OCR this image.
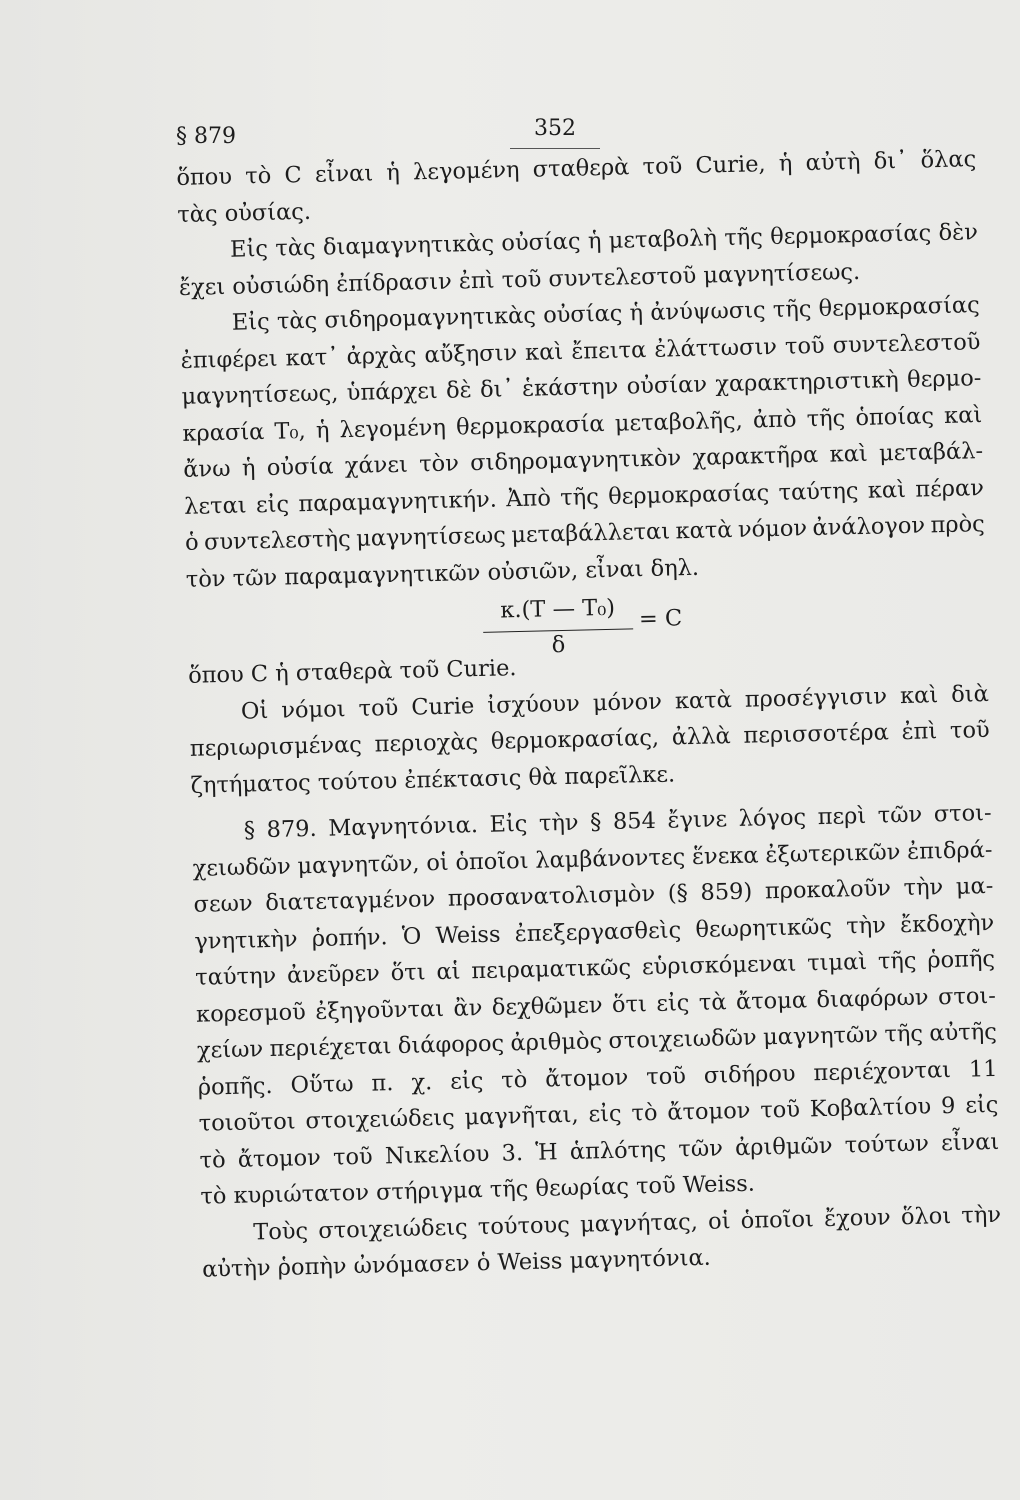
§ 879	352
ὅπου τὸ C εἶναι ἡ λεγομένη σταθερὰ τοῦ Curie, ἡ αὐτὴ δι᾽ ὅλας
τὰς οὐσίας.
Εἰς τὰς διαμαγνητικὰς οὐσίας ἡ μεταβολὴ τῆς θερμοκρασίας δὲν
ἔχει οὐσιώδη ἐπίδρασιν ἐπὶ τοῦ συντελεστοῦ μαγνητίσεως.
Εἰς τὰς σιδηρομαγνητικὰς οὐσίας ἡ ἀνύψωσις τῆς θερμοκρασίας
ἐπιφέρει κατ᾽ ἀρχὰς αὔξησιν καὶ ἔπειτα ἐλάττωσιν τοῦ συντελεστοῦ
μαγνητίσεως, ὑπάρχει δὲ δι᾽ ἑκάστην οὐσίαν χαρακτηριστικὴ θερμο-
κρασία T₀, ἡ λεγομένη θερμοκρασία μεταβολῆς, ἀπὸ τῆς ὁποίας καὶ
ἄνω ἡ οὐσία χάνει τὸν σιδηρομαγνητικὸν χαρακτῆρα καὶ μεταβάλ-
λεται εἰς παραμαγνητικήν. Ἀπὸ τῆς θερμοκρασίας ταύτης καὶ πέραν
ὁ συντελεστὴς μαγνητίσεως μεταβάλλεται κατὰ νόμον ἀνάλογον πρὸς
τὸν τῶν παραμαγνητικῶν οὐσιῶν, εἶναι δηλ.
$\frac{\text{κ.(T — T₀)}}{\delta} = C$
ὅπου C ἡ σταθερὰ τοῦ Curie.
Οἱ νόμοι τοῦ Curie ἰσχύουν μόνον κατὰ προσέγγισιν καὶ διὰ
περιωρισμένας περιοχὰς θερμοκρασίας, ἀλλὰ περισσοτέρα ἐπὶ τοῦ
ζητήματος τούτου ἐπέκτασις θὰ παρεῖλκε.
§ 879. Μαγνητόνια. Εἰς τὴν § 854 ἔγινε λόγος περὶ τῶν στοι-
χειωδῶν μαγνητῶν, οἱ ὁποῖοι λαμβάνοντες ἕνεκα ἐξωτερικῶν ἐπιδρά-
σεων διατεταγμένον προσανατολισμὸν (§ 859) προκαλοῦν τὴν μα-
γνητικὴν ῥοπήν. Ὁ Weiss ἐπεξεργασθεὶς θεωρητικῶς τὴν ἔκδοχὴν
ταύτην ἀνεῦρεν ὅτι αἱ πειραματικῶς εὑρισκόμεναι τιμαὶ τῆς ῥοπῆς
κορεσμοῦ ἐξηγοῦνται ἂν δεχθῶμεν ὅτι εἰς τὰ ἄτομα διαφόρων στοι-
χείων περιέχεται διάφορος ἀριθμὸς στοιχειωδῶν μαγνητῶν τῆς αὐτῆς
ῥοπῆς. Οὕτω π. χ. εἰς τὸ ἄτομον τοῦ σιδήρου περιέχονται 11
τοιοῦτοι στοιχειώδεις μαγνῆται, εἰς τὸ ἄτομον τοῦ Κοβαλτίου 9 εἰς
τὸ ἄτομον τοῦ Νικελίου 3. Ἡ ἁπλότης τῶν ἀριθμῶν τούτων εἶναι
τὸ κυριώτατον στήριγμα τῆς θεωρίας τοῦ Weiss.
Τοὺς στοιχειώδεις τούτους μαγνήτας, οἱ ὁποῖοι ἔχουν ὅλοι τὴν
αὐτὴν ῥοπὴν ὠνόμασεν ὁ Weiss μαγνητόνια.
